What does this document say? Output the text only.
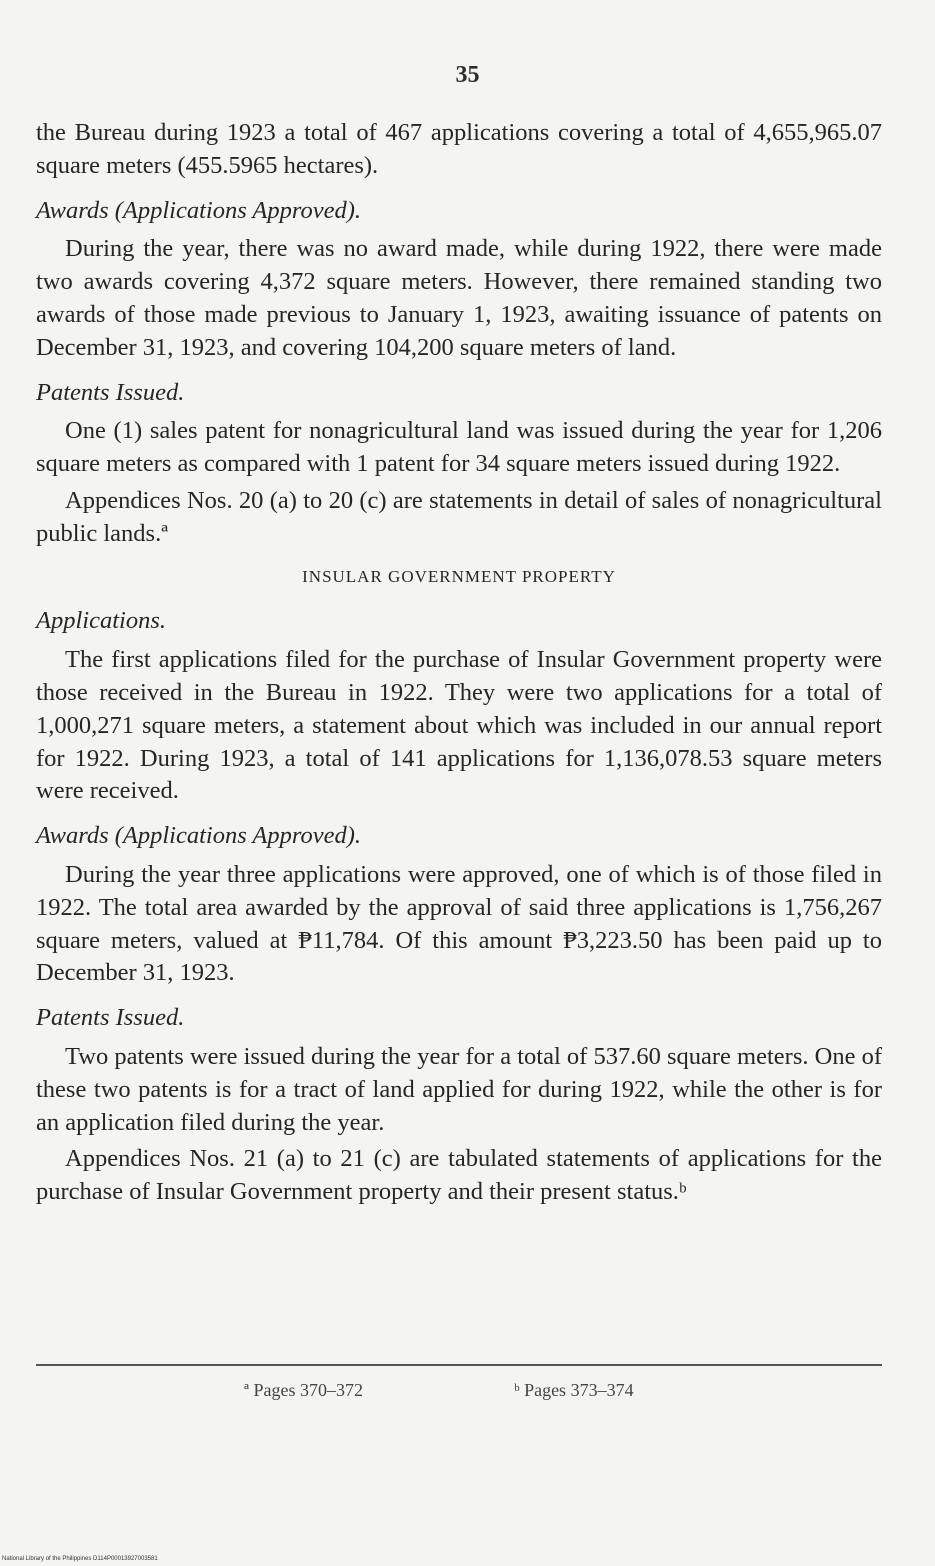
35

the Bureau during 1923 a total of 467 applications covering a total of 4,655,965.07 square meters (455.5965 hectares).

Awards (Applications Approved).

During the year, there was no award made, while during 1922, there were made two awards covering 4,372 square meters. However, there remained standing two awards of those made previous to January 1, 1923, awaiting issuance of patents on December 31, 1923, and covering 104,200 square meters of land.

Patents Issued.

One (1) sales patent for nonagricultural land was issued during the year for 1,206 square meters as compared with 1 patent for 34 square meters issued during 1922.

Appendices Nos. 20 (a) to 20 (c) are statements in detail of sales of nonagricultural public lands.ª

INSULAR GOVERNMENT PROPERTY

Applications.

The first applications filed for the purchase of Insular Government property were those received in the Bureau in 1922. They were two applications for a total of 1,000,271 square meters, a statement about which was included in our annual report for 1922. During 1923, a total of 141 applications for 1,136,078.53 square meters were received.

Awards (Applications Approved).

During the year three applications were approved, one of which is of those filed in 1922. The total area awarded by the approval of said three applications is 1,756,267 square meters, valued at ₱11,784. Of this amount ₱3,223.50 has been paid up to December 31, 1923.

Patents Issued.

Two patents were issued during the year for a total of 537.60 square meters. One of these two patents is for a tract of land applied for during 1922, while the other is for an application filed during the year.

Appendices Nos. 21 (a) to 21 (c) are tabulated statements of applications for the purchase of Insular Government property and their present status.ᵇ

ª Pages 370–372	ᵇ Pages 373–374
National Library of the Philippines D114P00013927003581
